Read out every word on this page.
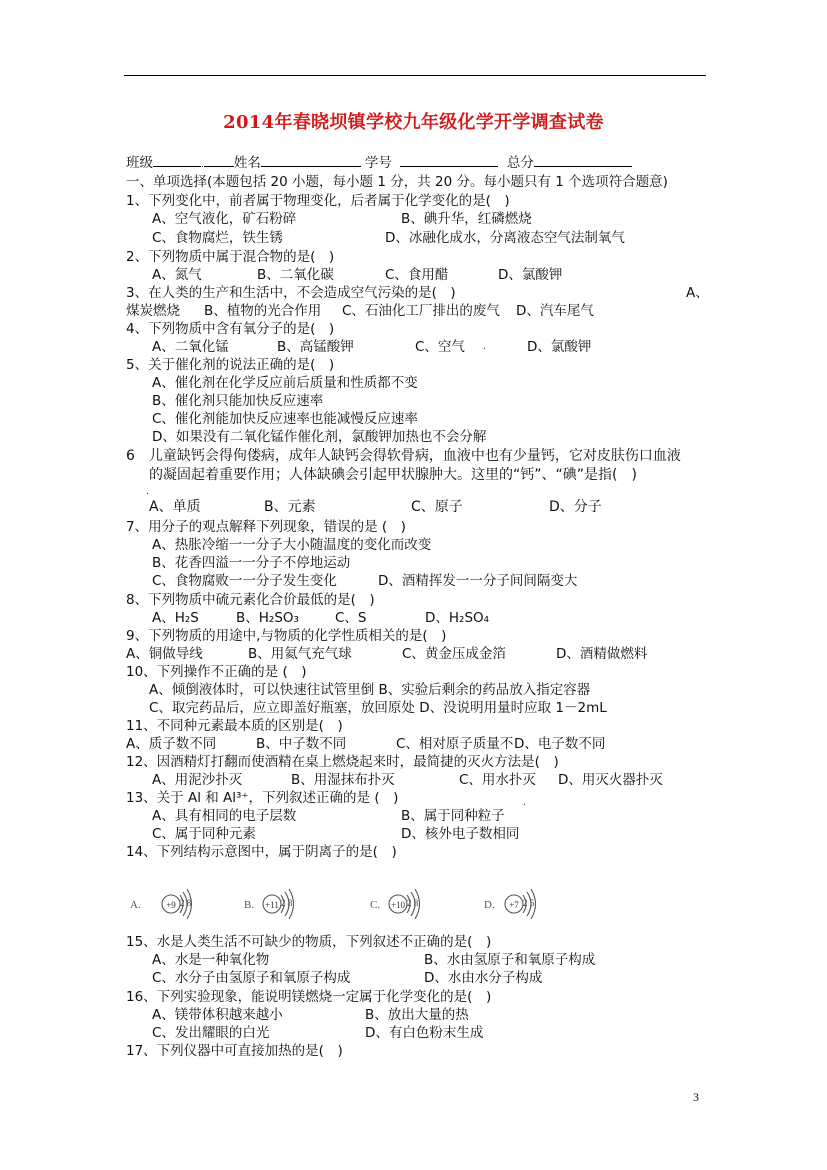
2014年春晓坝镇学校九年级化学开学调查试卷
班级	. 姓名	学号	总分
一、单项选择(本题包括 20 小题，每小题 1 分，共 20 分。每小题只有 1 个选项符合题意)
1、下列变化中，前者属于物理变化，后者属于化学变化的是(　)
A、空气液化，矿石粉碎	B、碘升华，红磷燃烧
C、食物腐烂，铁生锈	D、冰融化成水，分离液态空气法制氧气
2、下列物质中属于混合物的是(　)
A、氮气	B、二氧化碳	C、食用醋	D、氯酸钾
3、在人类的生产和生活中，不会造成空气污染的是(　)	A、
煤炭燃烧 B、植物的光合作用 C、石油化工厂排出的废气 D、汽车尾气
4、下列物质中含有氧分子的是(　)
A、二氧化锰	B、高锰酸钾	C、空气 .	D、氯酸钾
5、关于催化剂的说法正确的是(　)
A、催化剂在化学反应前后质量和性质都不变
B、催化剂只能加快反应速率
C、催化剂能加快反应速率也能减慢反应速率
D、如果没有二氧化锰作催化剂，氯酸钾加热也不会分解
6　儿童缺钙会得佝偻病，成年人缺钙会得软骨病，血液中也有少量钙，它对皮肤伤口血液
的凝固起着重要作用；人体缺碘会引起甲状腺肿大。这里的“钙”、“碘”是指(　)
.
A、单质	B、元素	C、原子	D、分子
7、用分子的观点解释下列现象，错误的是 (　)
A、热胀冷缩一一分子大小随温度的变化而改变
B、花香四溢一一分子不停地运动
C、食物腐败一一分子发生变化	D、酒精挥发一一分子间间隔变大
8、下列物质中硫元素化合价最低的是(　)
A、H₂S	B、H₂SO₃	C、S	D、H₂SO₄
9、下列物质的用途中,与物质的化学性质相关的是(　)
A、铜做导线	B、用氦气充气球	C、黄金压成金箔	D、酒精做燃料
10、下列操作不正确的是 (　)
A、倾倒液体时，可以快速往试管里倒 B、实验后剩余的药品放入指定容器
C、取完药品后，应立即盖好瓶塞，放回原处 D、没说明用量时应取 1－2mL
11、不同种元素最本质的区别是(　)
A、质子数不同	B、中子数不同	C、相对原子质量不 D、电子数不同
12、因酒精灯打翻而使酒精在桌上燃烧起来时，最简捷的灭火方法是(　)
A、用泥沙扑灭	B、用湿抹布扑灭	C、用水扑灭 D、用灭火器扑灭
13、关于 Al 和 Al³⁺，下列叙述正确的是 (　)	.
A、具有相同的电子层数	B、属于同种粒子
C、属于同种元素	D、核外电子数相同
14、下列结构示意图中，属于阴离子的是(　)
A.	+9 2 8	B. +11 2 8	C. +10 2 8	D. +7 2 5
15、水是人类生活不可缺少的物质，下列叙述不正确的是(　)
A、水是一种氧化物	B、水由氢原子和氧原子构成
C、水分子由氢原子和氧原子构成	D、水由水分子构成
16、下列实验现象，能说明镁燃烧一定属于化学变化的是(　)
A、镁带体积越来越小	B、放出大量的热
C、发出耀眼的白光	D、有白色粉末生成
17、下列仪器中可直接加热的是(　)
3
